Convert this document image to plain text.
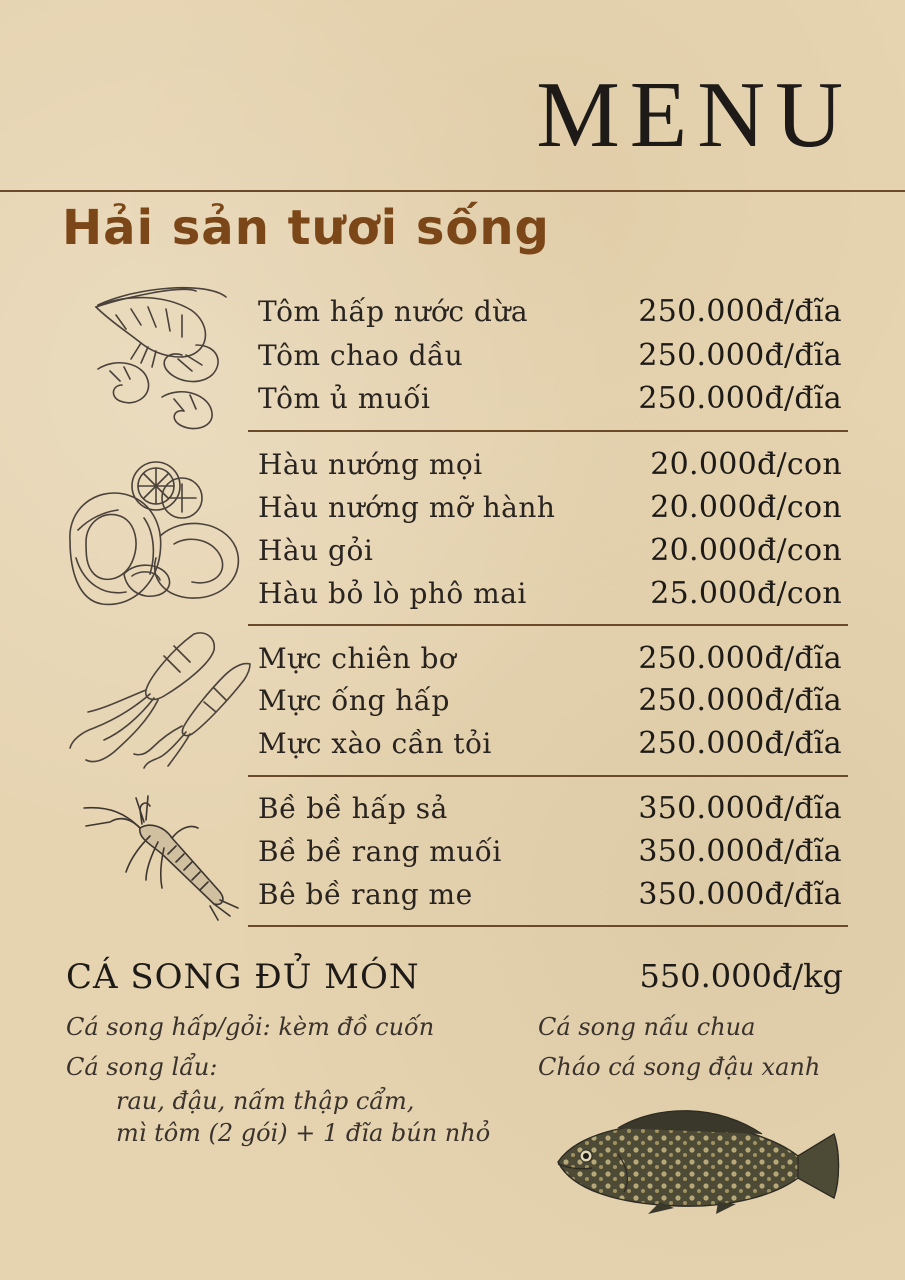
MENU
Hải sản tươi sống
Tôm hấp nước dừa	250.000đ/đĩa
Tôm chao dầu	250.000đ/đĩa
Tôm ủ muối	250.000đ/đĩa
Hàu nướng mọi	20.000đ/con
Hàu nướng mỡ hành	20.000đ/con
Hàu gỏi	20.000đ/con
Hàu bỏ lò phô mai	25.000đ/con
Mực chiên bơ	250.000đ/đĩa
Mực ống hấp	250.000đ/đĩa
Mực xào cần tỏi	250.000đ/đĩa
Bề bề hấp sả	350.000đ/đĩa
Bề bề rang muối	350.000đ/đĩa
Bê bề rang me	350.000đ/đĩa
CÁ SONG ĐỦ MÓN	550.000đ/kg
Cá song hấp/gỏi: kèm đồ cuốn
Cá song lẩu:
rau, đậu, nấm thập cẩm,
mì tôm (2 gói) + 1 đĩa bún nhỏ
Cá song nấu chua
Cháo cá song đậu xanh
